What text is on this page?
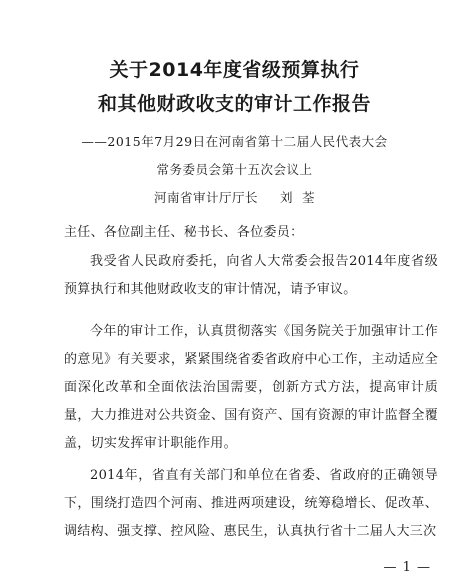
关于2014年度省级预算执行
和其他财政收支的审计工作报告
——2015年7月29日在河南省第十二届人民代表大会
常务委员会第十五次会议上
河南省审计厅厅长 刘  荃
主任、各位副主任、秘书长、各位委员：
我受省人民政府委托，向省人大常委会报告2014年度省级预算执行和其他财政收支的审计情况，请予审议。
今年的审计工作，认真贯彻落实《国务院关于加强审计工作的意见》有关要求，紧紧围绕省委省政府中心工作，主动适应全面深化改革和全面依法治国需要，创新方式方法，提高审计质量，大力推进对公共资金、国有资产、国有资源的审计监督全覆盖，切实发挥审计职能作用。
2014年，省直有关部门和单位在省委、省政府的正确领导下，围绕打造四个河南、推进两项建设，统筹稳增长、促改革、调结构、强支撑、控风险、惠民生，认真执行省十二届人大三次
— 1 —
